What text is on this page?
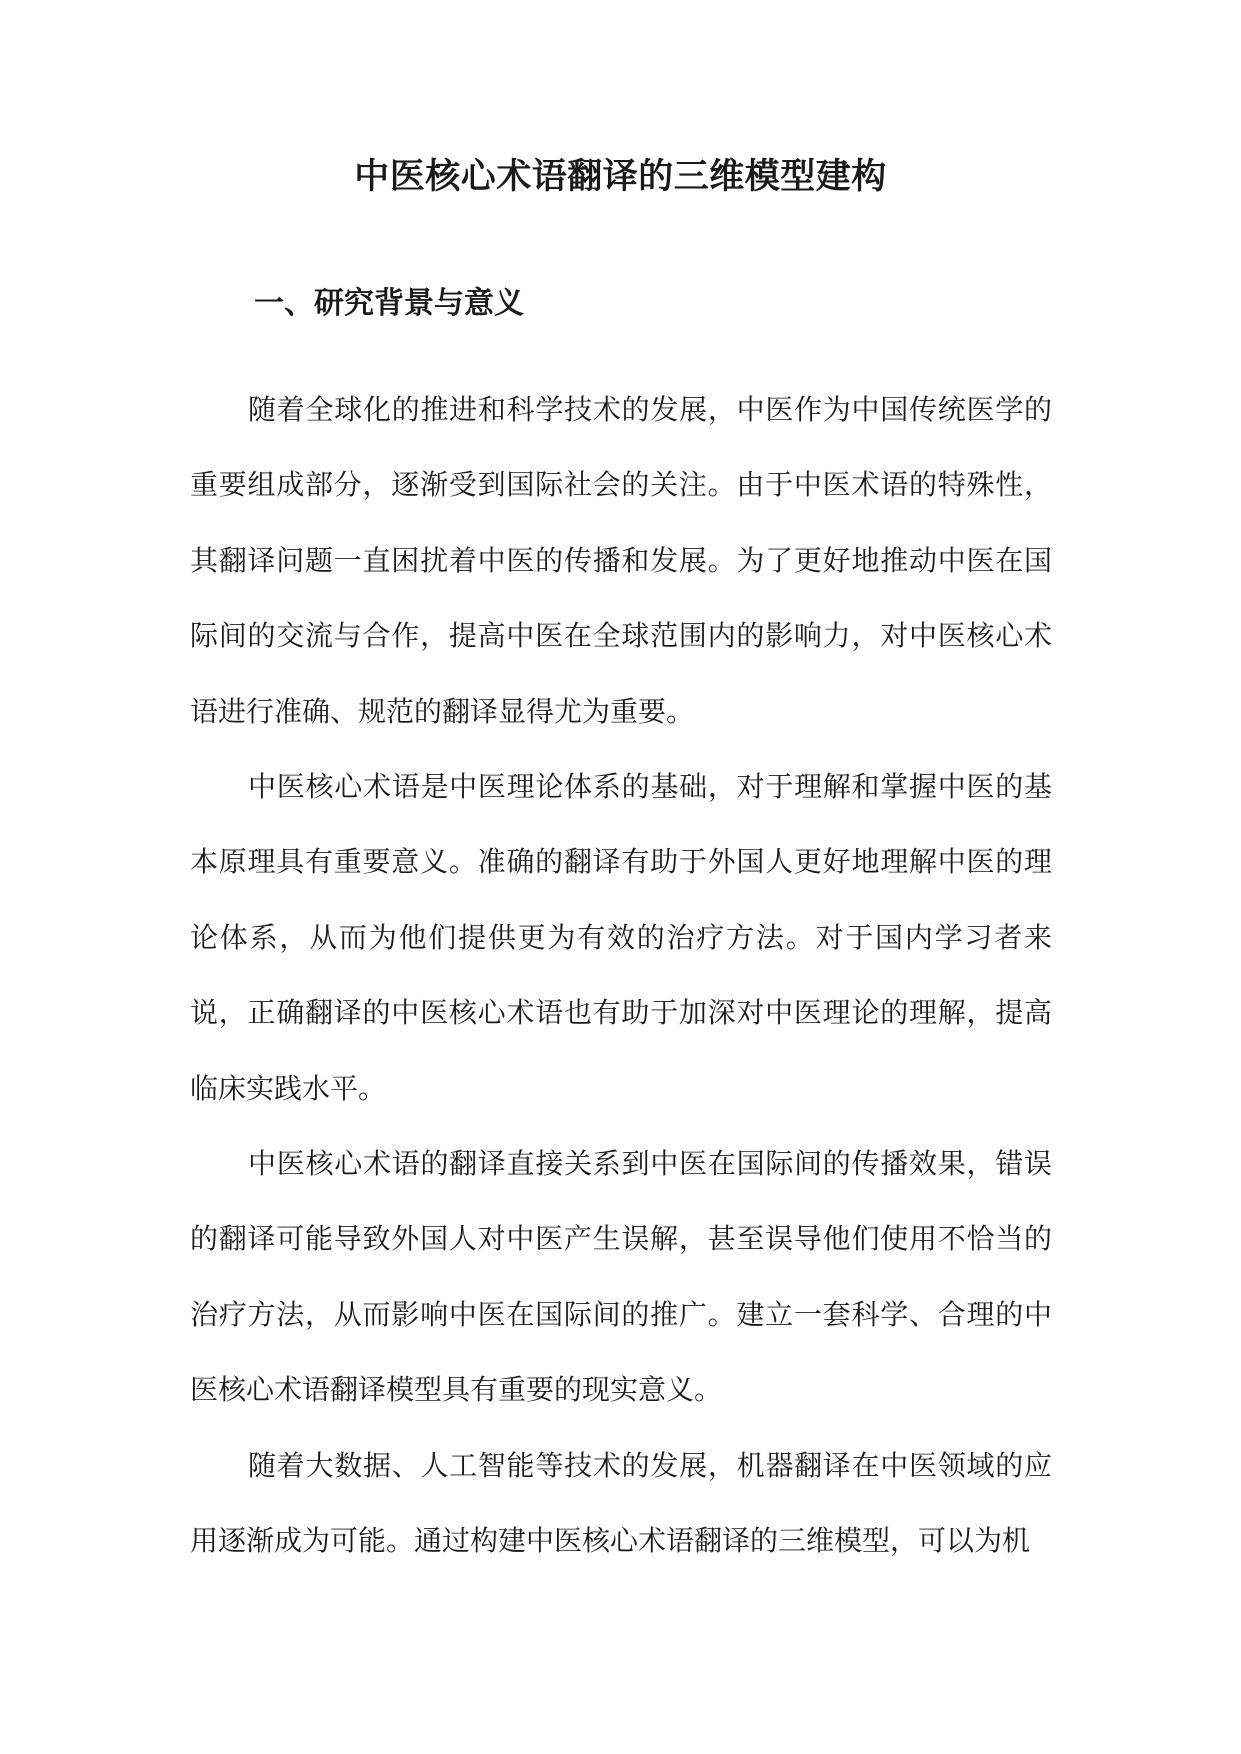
中医核心术语翻译的三维模型建构
一、研究背景与意义

随着全球化的推进和科学技术的发展，中医作为中国传统医学的重要组成部分，逐渐受到国际社会的关注。由于中医术语的特殊性，其翻译问题一直困扰着中医的传播和发展。为了更好地推动中医在国际间的交流与合作，提高中医在全球范围内的影响力，对中医核心术语进行准确、规范的翻译显得尤为重要。

中医核心术语是中医理论体系的基础，对于理解和掌握中医的基本原理具有重要意义。准确的翻译有助于外国人更好地理解中医的理论体系，从而为他们提供更为有效的治疗方法。对于国内学习者来说，正确翻译的中医核心术语也有助于加深对中医理论的理解，提高临床实践水平。

中医核心术语的翻译直接关系到中医在国际间的传播效果，错误的翻译可能导致外国人对中医产生误解，甚至误导他们使用不恰当的治疗方法，从而影响中医在国际间的推广。建立一套科学、合理的中医核心术语翻译模型具有重要的现实意义。

随着大数据、人工智能等技术的发展，机器翻译在中医领域的应用逐渐成为可能。通过构建中医核心术语翻译的三维模型，可以为机
